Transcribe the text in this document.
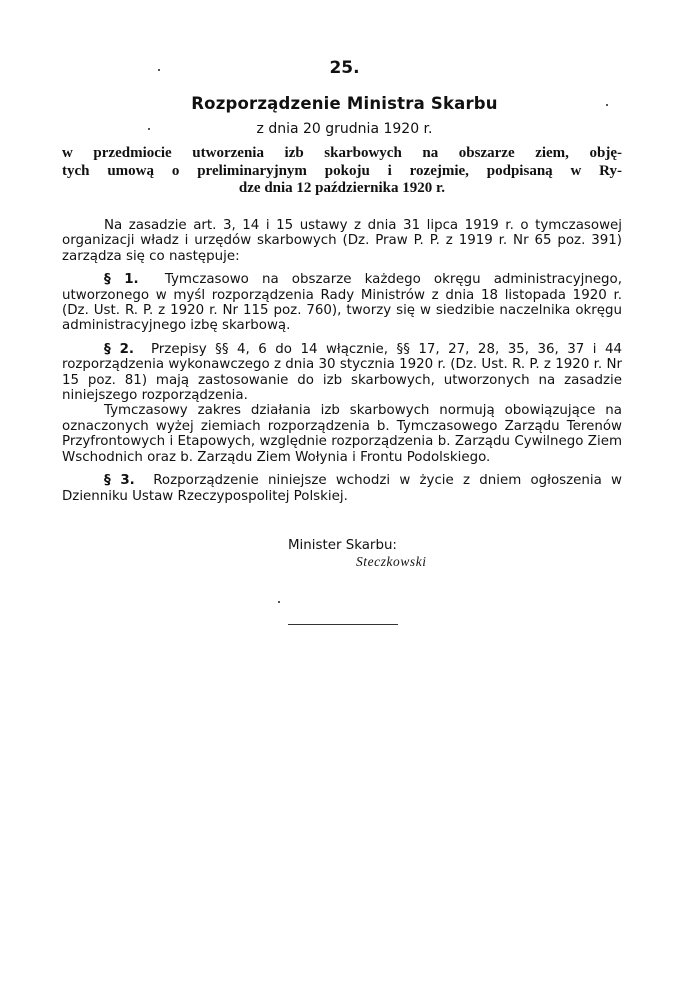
25.
Rozporządzenie Ministra Skarbu
z dnia 20 grudnia 1920 r.
w przedmiocie utworzenia izb skarbowych na obszarze ziem, obję-
tych umową o preliminaryjnym pokoju i rozejmie, podpisaną w Ry-
dze dnia 12 października 1920 r.

Na zasadzie art. 3, 14 i 15 ustawy z dnia 31 lipca 1919 r. o tymczasowej organizacji władz i urzędów skarbowych (Dz. Praw P. P. z 1919 r. Nr 65 poz. 391) zarządza się co następuje:

§ 1. Tymczasowo na obszarze każdego okręgu administracyjnego, utworzonego w myśl rozporządzenia Rady Ministrów z dnia 18 listopada 1920 r. (Dz. Ust. R. P. z 1920 r. Nr 115 poz. 760), tworzy się w siedzibie naczelnika okręgu administracyjnego izbę skarbową.

§ 2. Przepisy §§ 4, 6 do 14 włącznie, §§ 17, 27, 28, 35, 36, 37 i 44 rozporządzenia wykonawczego z dnia 30 stycznia 1920 r. (Dz. Ust. R. P. z 1920 r. Nr 15 poz. 81) mają zastosowanie do izb skarbowych, utworzonych na zasadzie niniejszego rozporządzenia.

Tymczasowy zakres działania izb skarbowych normują obowiązujące na oznaczonych wyżej ziemiach rozporządzenia b. Tymczasowego Zarządu Terenów Przyfrontowych i Etapowych, względnie rozporządzenia b. Zarządu Cywilnego Ziem Wschodnich oraz b. Zarządu Ziem Wołynia i Frontu Podolskiego.

§ 3. Rozporządzenie niniejsze wchodzi w życie z dniem ogłoszenia w Dzienniku Ustaw Rzeczypospolitej Polskiej.

Minister Skarbu:
Steczkowski
